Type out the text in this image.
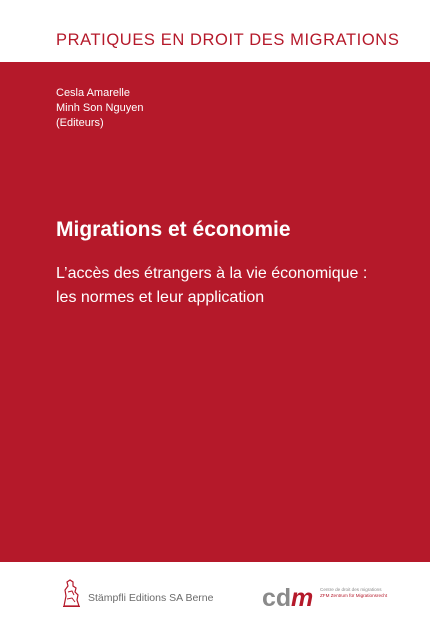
PRATIQUES EN DROIT DES MIGRATIONS
Cesla Amarelle
Minh Son Nguyen
(Editeurs)
Migrations et économie
L’accès des étrangers à la vie économique :
les normes et leur application
Stämpfli Editions SA Berne cd m Centre de droit des migrations
ZFM Zentrum für Migrationsrecht
